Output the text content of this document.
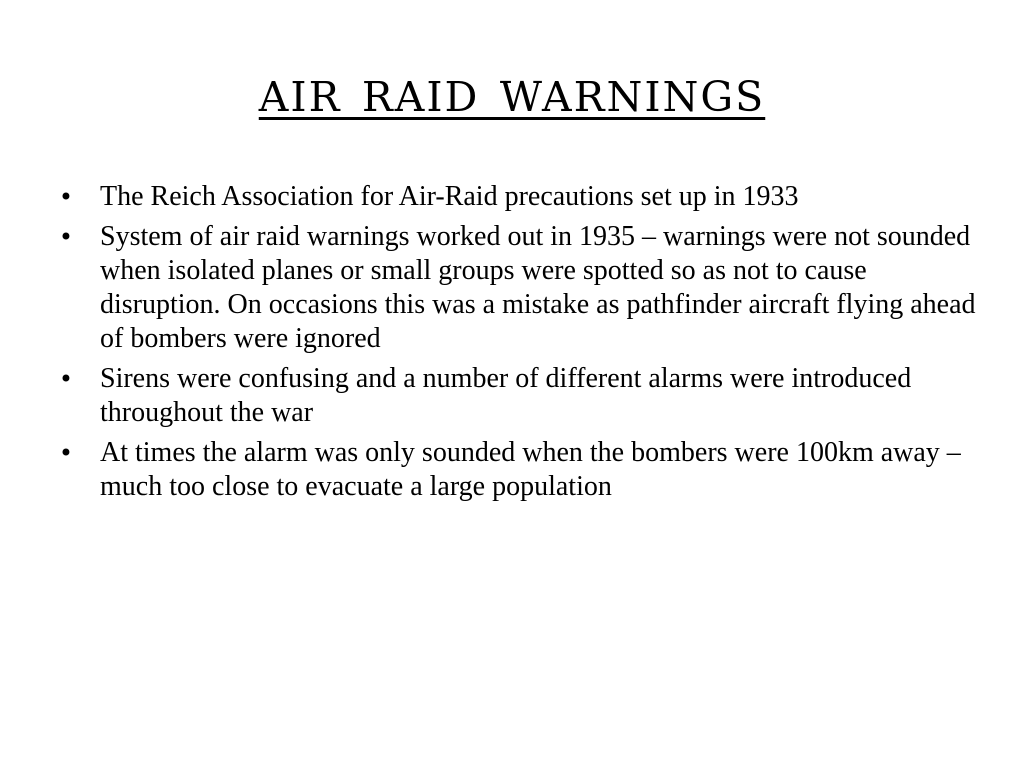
air raid warnings
• The Reich Association for Air-Raid precautions set up in 1933
• System of air raid warnings worked out in 1935 – warnings were not sounded when isolated planes or small groups were spotted so as not to cause disruption. On occasions this was a mistake as pathfinder aircraft flying ahead of bombers were ignored
• Sirens were confusing and a number of different alarms were introduced throughout the war
• At times the alarm was only sounded when the bombers were 100km away – much too close to evacuate a large population
